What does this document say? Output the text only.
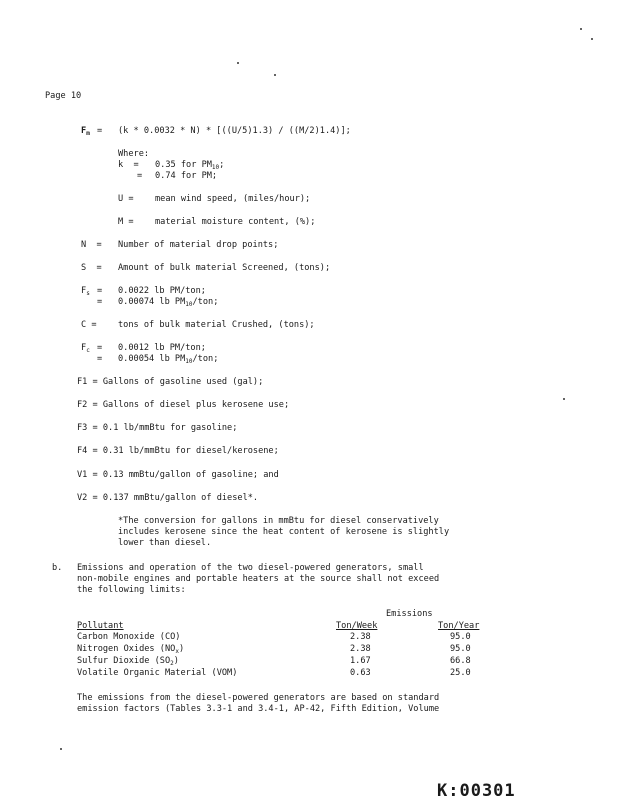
Page 10
$F_m = (k * 0.0032 * N) * [((U/5)1.3) / ((M/2)1.4)]$;
Where:
k  = 0.35 for $PM_{10}$;
= 0.74 for PM;
U = mean wind speed, (miles/hour);
M = material moisture content, (%);
N  = Number of material drop points;
S  = Amount of bulk material Screened, (tons);
$F_s = 0.0022$ lb PM/ton;
= 0.00074 lb $PM_{10}$/ton;
C = tons of bulk material Crushed, (tons);
$F_c = 0.0012$ lb PM/ton;
= 0.00054 lb $PM_{10}$/ton;
F1 = Gallons of gasoline used (gal);
F2 = Gallons of diesel plus kerosene use;
F3 = 0.1 lb/mmBtu for gasoline;
F4 = 0.31 lb/mmBtu for diesel/kerosene;
V1 = 0.13 mmBtu/gallon of gasoline; and
V2 = 0.137 mmBtu/gallon of diesel*.
*The conversion for gallons in mmBtu for diesel conservatively
includes kerosene since the heat content of kerosene is slightly
lower than diesel.
b. Emissions and operation of the two diesel-powered generators, small
non-mobile engines and portable heaters at the source shall not exceed
the following limits:
Emissions
Pollutant	Ton/Week	Ton/Year
Carbon Monoxide (CO)	2.38	95.0
Nitrogen Oxides $(NO_x)$	2.38	95.0
Sulfur Dioxide $(SO_2)$	1.67	66.8
Volatile Organic Material (VOM)	0.63	25.0
The emissions from the diesel-powered generators are based on standard
emission factors (Tables 3.3-1 and 3.4-1, AP-42, Fifth Edition, Volume
K:00301
